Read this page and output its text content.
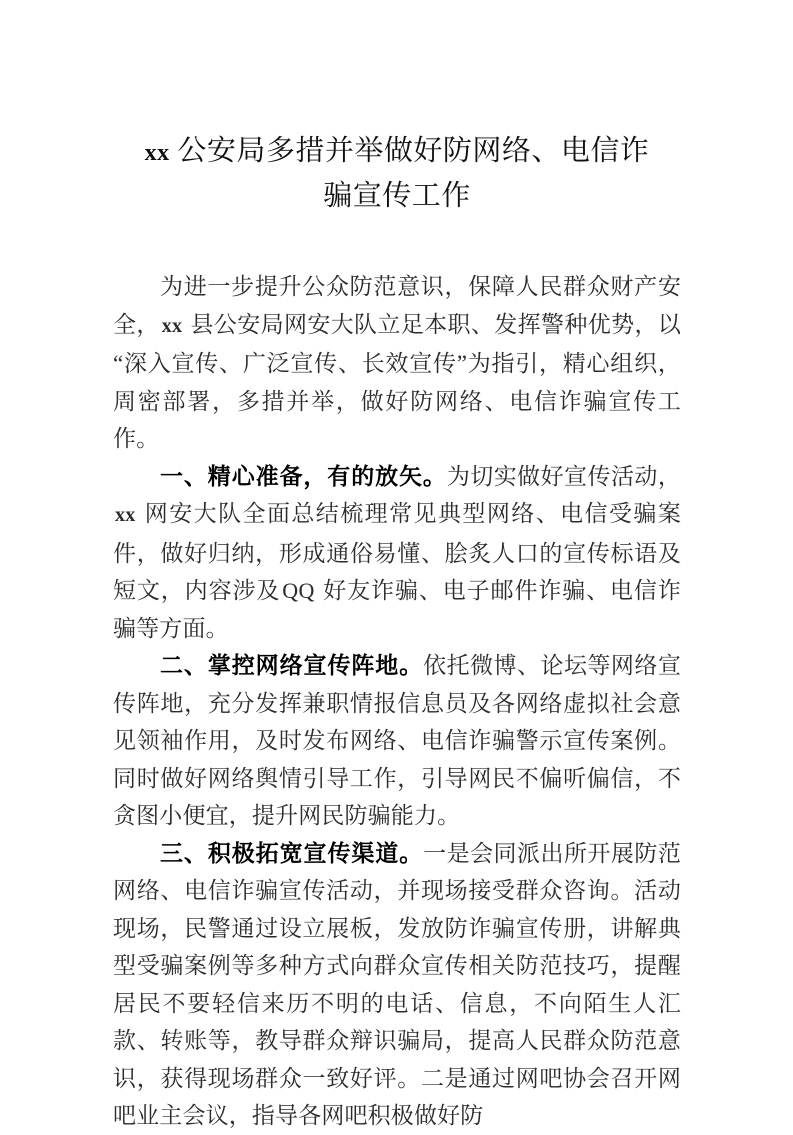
xx 公安局多措并举做好防网络、电信诈
骗宣传工作

为进一步提升公众防范意识，保障人民群众财产安全， xx 县公安局网安大队立足本职、发挥警种优势，以“深入宣传、广泛宣传、长效宣传”为指引，精心组织，周密部署，多措并举，做好防网络、电信诈骗宣传工作。

一、精心准备，有的放矢。为切实做好宣传活动，xx 网安大队全面总结梳理常见典型网络、电信受骗案件，做好归纳，形成通俗易懂、脍炙人口的宣传标语及短文，内容涉及QQ 好友诈骗、电子邮件诈骗、电信诈骗等方面。

二、掌控网络宣传阵地。依托微博、论坛等网络宣传阵地，充分发挥兼职情报信息员及各网络虚拟社会意见领袖作用，及时发布网络、电信诈骗警示宣传案例。同时做好网络舆情引导工作，引导网民不偏听偏信，不贪图小便宜，提升网民防骗能力。

三、积极拓宽宣传渠道。一是会同派出所开展防范网络、电信诈骗宣传活动，并现场接受群众咨询。活动现场，民警通过设立展板，发放防诈骗宣传册，讲解典型受骗案例等多种方式向群众宣传相关防范技巧，提醒居民不要轻信来历不明的电话、信息，不向陌生人汇款、转账等，教导群众辩识骗局，提高人民群众防范意识，获得现场群众一致好评。二是通过网吧协会召开网吧业主会议，指导各网吧积极做好防
